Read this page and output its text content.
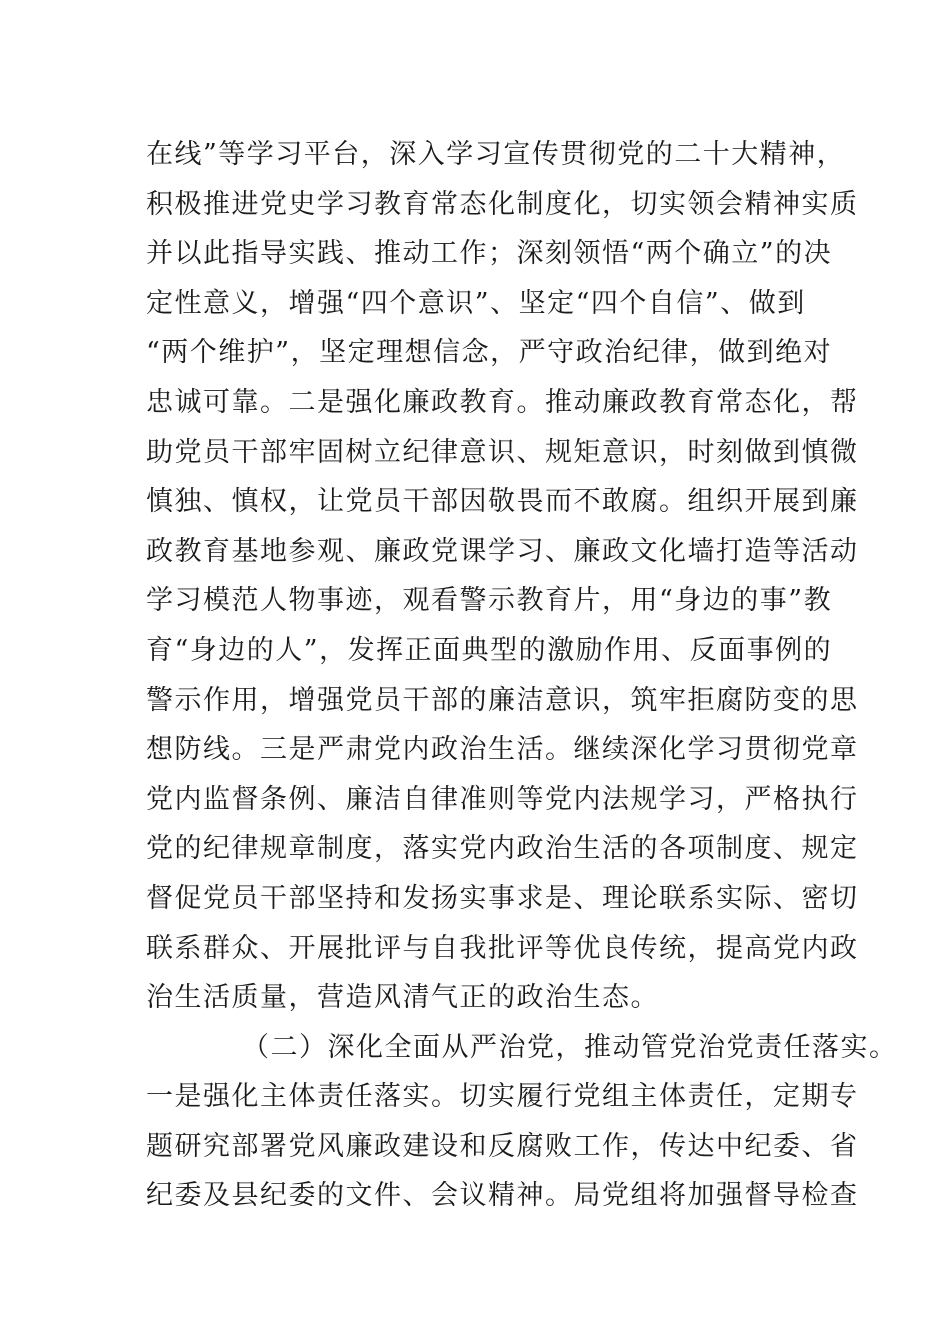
在线”等学习平台，深入学习宣传贯彻党的二十大精神，
积极推进党史学习教育常态化制度化，切实领会精神实质
并以此指导实践、推动工作；深刻领悟“两个确立”的决
定性意义，增强“四个意识”、坚定“四个自信”、做到
“两个维护”，坚定理想信念，严守政治纪律，做到绝对
忠诚可靠。二是强化廉政教育。推动廉政教育常态化，帮
助党员干部牢固树立纪律意识、规矩意识，时刻做到慎微
慎独、慎权，让党员干部因敬畏而不敢腐。组织开展到廉
政教育基地参观、廉政党课学习、廉政文化墙打造等活动
学习模范人物事迹，观看警示教育片，用“身边的事”教
育“身边的人”，发挥正面典型的激励作用、反面事例的
警示作用，增强党员干部的廉洁意识，筑牢拒腐防变的思
想防线。三是严肃党内政治生活。继续深化学习贯彻党章
党内监督条例、廉洁自律准则等党内法规学习，严格执行
党的纪律规章制度，落实党内政治生活的各项制度、规定
督促党员干部坚持和发扬实事求是、理论联系实际、密切
联系群众、开展批评与自我批评等优良传统，提高党内政
治生活质量，营造风清气正的政治生态。
（二）深化全面从严治党，推动管党治党责任落实。
一是强化主体责任落实。切实履行党组主体责任，定期专
题研究部署党风廉政建设和反腐败工作，传达中纪委、省
纪委及县纪委的文件、会议精神。局党组将加强督导检查
